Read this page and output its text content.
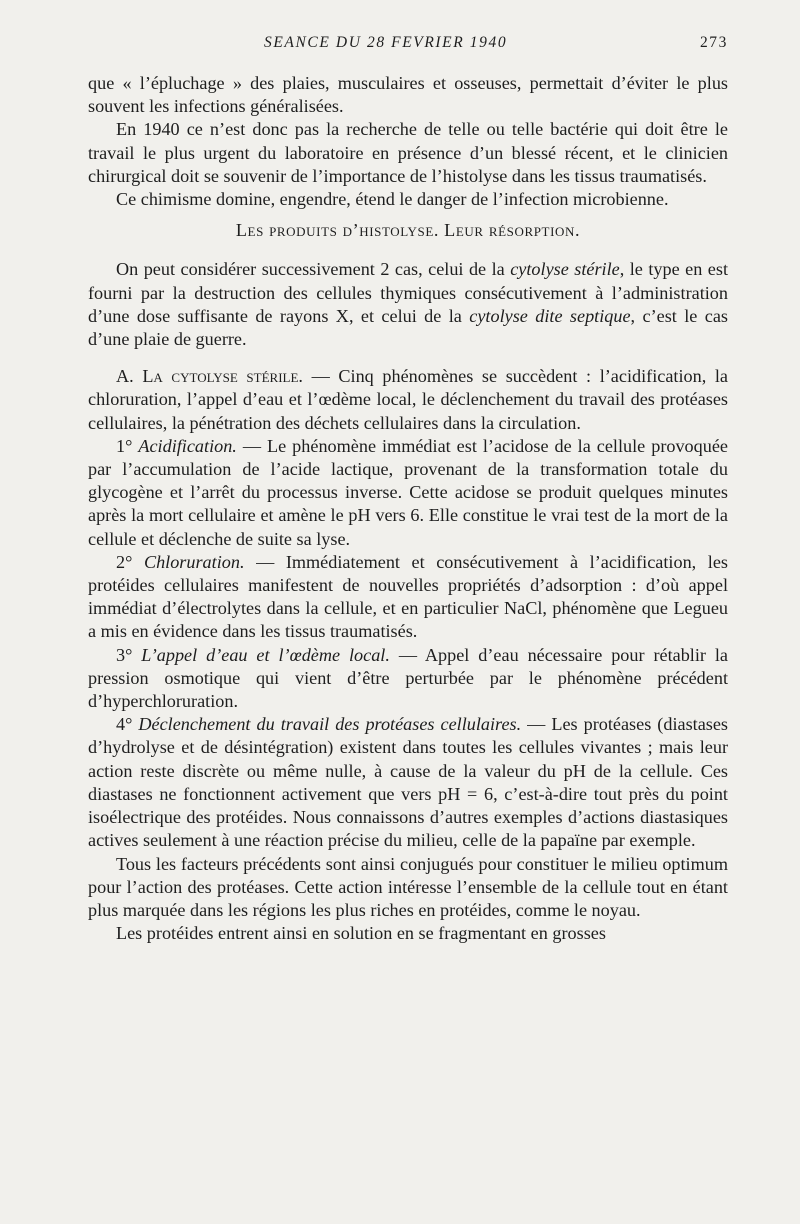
SEANCE DU 28 FEVRIER 1940	273

que « l’épluchage » des plaies, musculaires et osseuses, permettait d’éviter le plus souvent les infections généralisées.

En 1940 ce n’est donc pas la recherche de telle ou telle bactérie qui doit être le travail le plus urgent du laboratoire en présence d’un blessé récent, et le clinicien chirurgical doit se souvenir de l’importance de l’histolyse dans les tissus traumatisés.

Ce chimisme domine, engendre, étend le danger de l’infection microbienne.

Les produits d’histolyse. Leur résorption.

On peut considérer successivement 2 cas, celui de la cytolyse stérile, le type en est fourni par la destruction des cellules thymiques consécutivement à l’administration d’une dose suffisante de rayons X, et celui de la cytolyse dite septique, c’est le cas d’une plaie de guerre.

A. La cytolyse stérile. — Cinq phénomènes se succèdent : l’acidification, la chloruration, l’appel d’eau et l’œdème local, le déclenchement du travail des protéases cellulaires, la pénétration des déchets cellulaires dans la circulation.

1° Acidification. — Le phénomène immédiat est l’acidose de la cellule provoquée par l’accumulation de l’acide lactique, provenant de la transformation totale du glycogène et l’arrêt du processus inverse. Cette acidose se produit quelques minutes après la mort cellulaire et amène le pH vers 6. Elle constitue le vrai test de la mort de la cellule et déclenche de suite sa lyse.

2° Chloruration. — Immédiatement et consécutivement à l’acidification, les protéides cellulaires manifestent de nouvelles propriétés d’adsorption : d’où appel immédiat d’électrolytes dans la cellule, et en particulier NaCl, phénomène que Legueu a mis en évidence dans les tissus traumatisés.

3° L’appel d’eau et l’œdème local. — Appel d’eau nécessaire pour rétablir la pression osmotique qui vient d’être perturbée par le phénomène précédent d’hyperchloruration.

4° Déclenchement du travail des protéases cellulaires. — Les protéases (diastases d’hydrolyse et de désintégration) existent dans toutes les cellules vivantes ; mais leur action reste discrète ou même nulle, à cause de la valeur du pH de la cellule. Ces diastases ne fonctionnent activement que vers pH = 6, c’est-à-dire tout près du point isoélectrique des protéides. Nous connaissons d’autres exemples d’actions diastasiques actives seulement à une réaction précise du milieu, celle de la papaïne par exemple.

Tous les facteurs précédents sont ainsi conjugués pour constituer le milieu optimum pour l’action des protéases. Cette action intéresse l’ensemble de la cellule tout en étant plus marquée dans les régions les plus riches en protéides, comme le noyau.

Les protéides entrent ainsi en solution en se fragmentant en grosses
